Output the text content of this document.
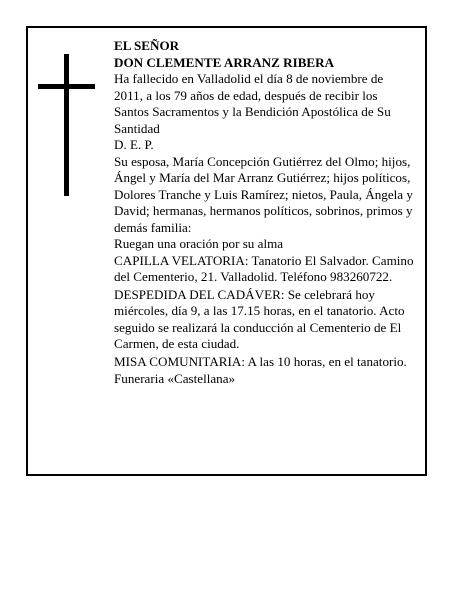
EL SEÑOR

DON CLEMENTE ARRANZ RIBERA

Ha fallecido en Valladolid el día 8 de noviembre de 2011, a los 79 años de edad, después de recibir los Santos Sacramentos y la Bendición Apostólica de Su Santidad

D. E. P.

Su esposa, María Concepción Gutiérrez del Olmo; hijos, Ángel y María del Mar Arranz Gutiérrez; hijos políticos, Dolores Tranche y Luis Ramírez; nietos, Paula, Ángela y David; hermanas, hermanos políticos, sobrinos, primos y demás familia:

Ruegan una oración por su alma

CAPILLA VELATORIA: Tanatorio El Salvador. Camino del Cementerio, 21. Valladolid. Teléfono 983260722.

DESPEDIDA DEL CADÁVER: Se celebrará hoy miércoles, día 9, a las 17.15 horas, en el tanatorio. Acto seguido se realizará la conducción al Cementerio de El Carmen, de esta ciudad.

MISA COMUNITARIA: A las 10 horas, en el tanatorio.

Funeraria «Castellana»
